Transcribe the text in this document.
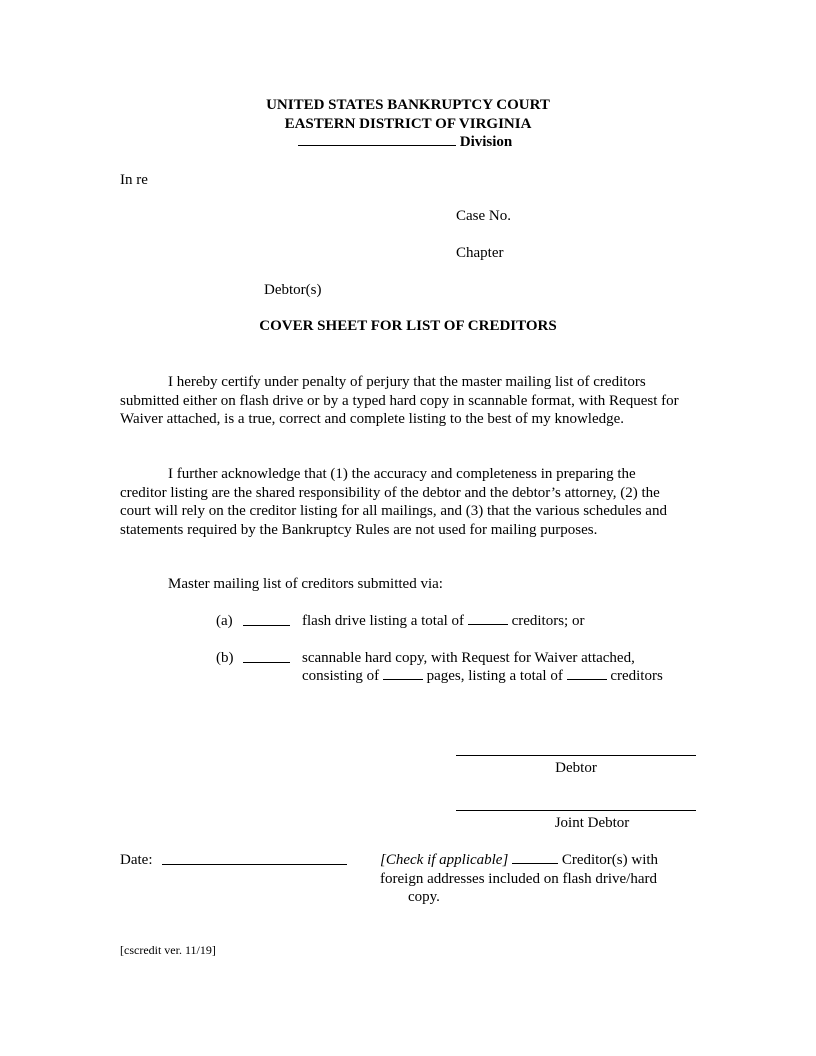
UNITED STATES BANKRUPTCY COURT
EASTERN DISTRICT OF VIRGINIA
Division
In re
Case No.
Chapter
Debtor(s)
COVER SHEET FOR LIST OF CREDITORS
I hereby certify under penalty of perjury that the master mailing list of creditors submitted either on flash drive or by a typed hard copy in scannable format, with Request for Waiver attached, is a true, correct and complete listing to the best of my knowledge.
I further acknowledge that (1) the accuracy and completeness in preparing the creditor listing are the shared responsibility of the debtor and the debtor’s attorney, (2) the court will rely on the creditor listing for all mailings, and (3) that the various schedules and statements required by the Bankruptcy Rules are not used for mailing purposes.
Master mailing list of creditors submitted via:
(a)	flash drive listing a total of	creditors; or
(b)	scannable hard copy, with Request for Waiver attached,
consisting of	pages, listing a total of	creditors
Debtor
Joint Debtor
Date:	[Check if applicable]	Creditor(s) with
foreign addresses included on flash drive/hard
copy.
[cscredit ver. 11/19]
